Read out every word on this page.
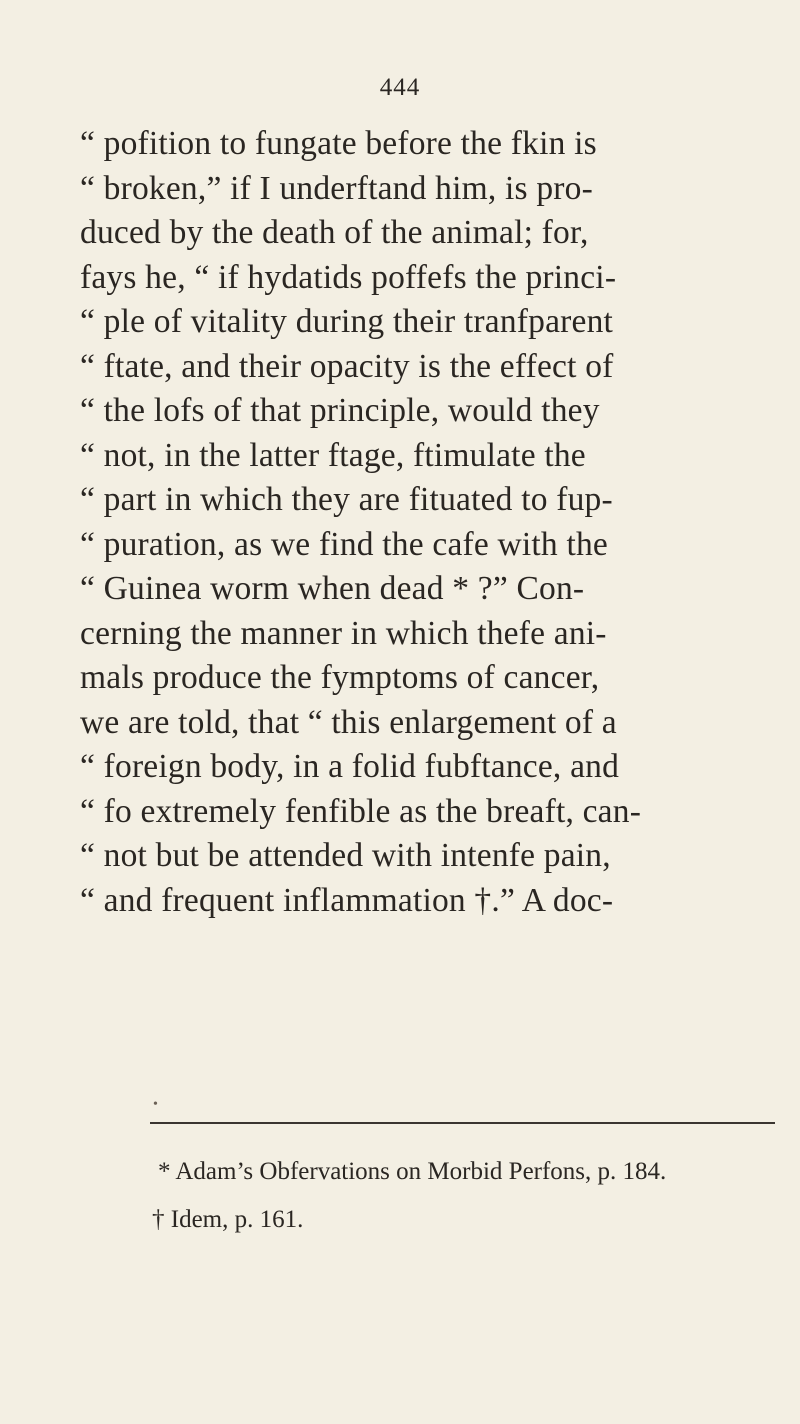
444
“ pofition to fungate before the fkin is
“ broken,” if I underftand him, is pro-
duced by the death of the animal; for,
fays he, “ if hydatids poffefs the princi-
“ ple of vitality during their tranfparent
“ ftate, and their opacity is the effect of
“ the lofs of that principle, would they
“ not, in the latter ftage, ftimulate the
“ part in which they are fituated to fup-
“ puration, as we find the cafe with the
“ Guinea worm when dead * ?” Con-
cerning the manner in which thefe ani-
mals produce the fymptoms of cancer,
we are told, that “ this enlargement of a
“ foreign body, in a folid fubftance, and
“ fo extremely fenfible as the breaft, can-
“ not but be attended with intenfe pain,
“ and frequent inflammation †.” A doc-
•
* Adam’s Obfervations on Morbid Perfons, p. 184.
† Idem, p. 161.
